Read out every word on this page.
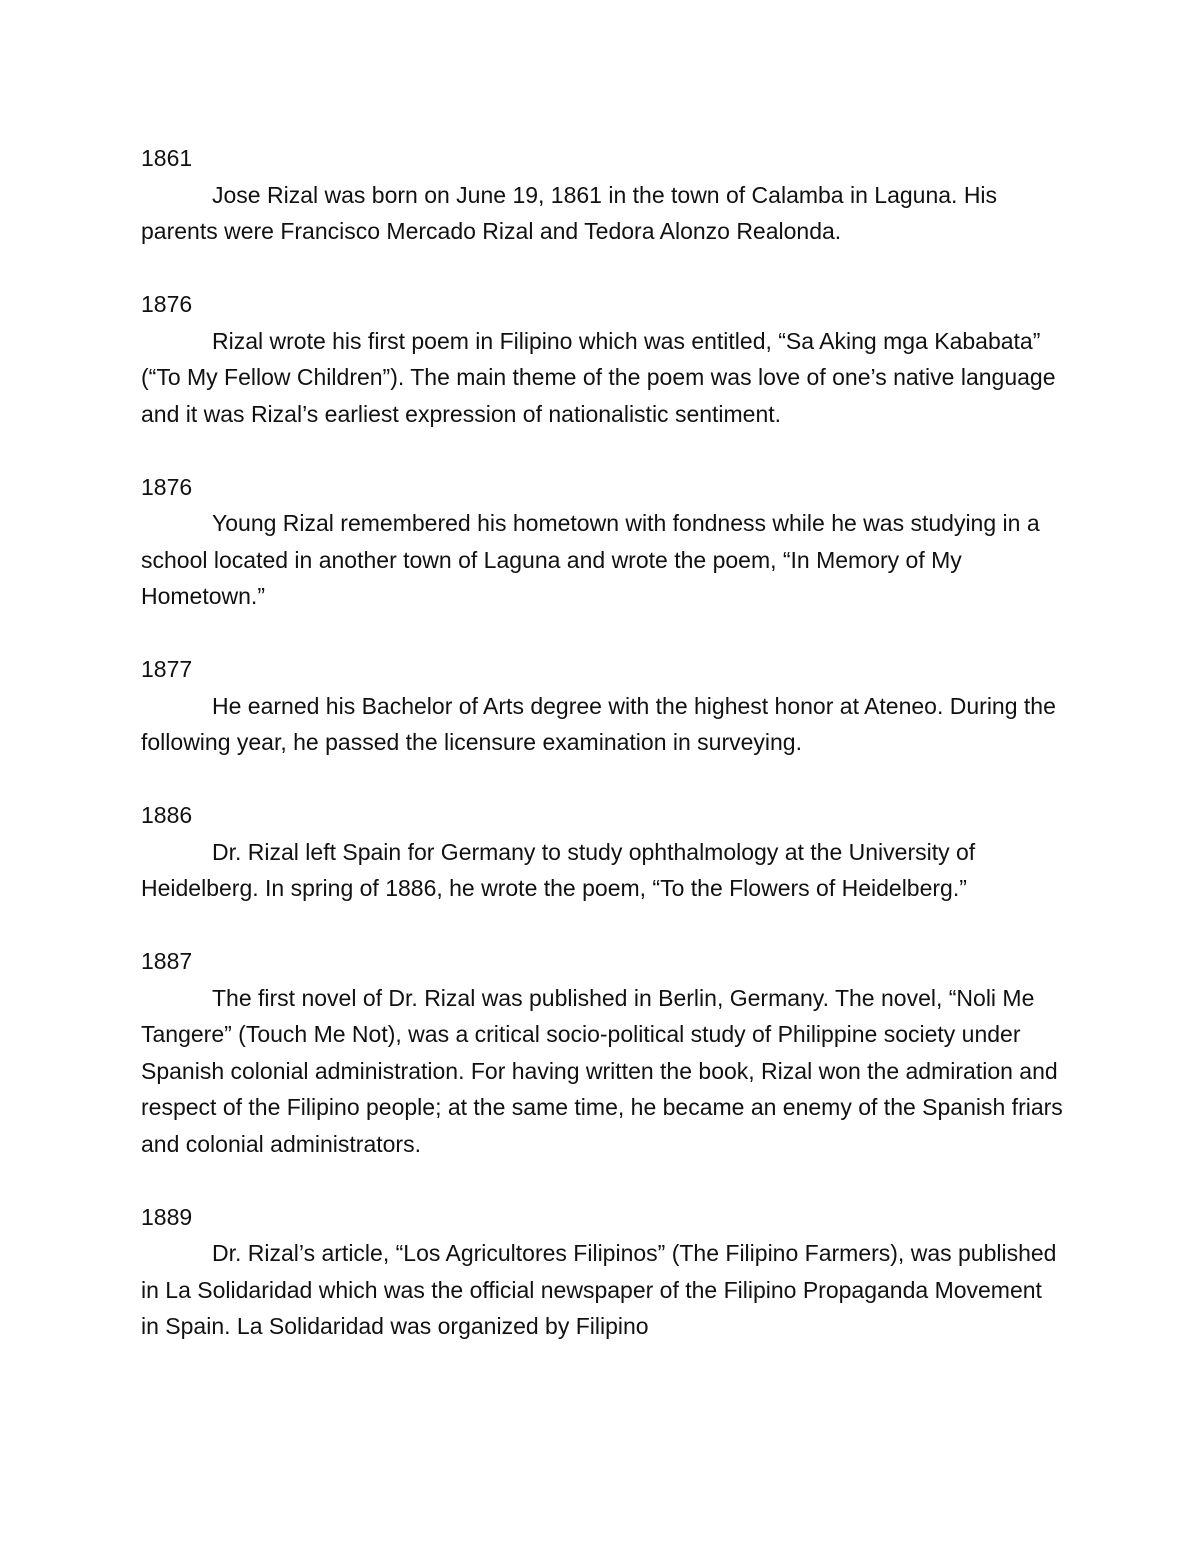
1861
Jose Rizal was born on June 19, 1861 in the town of Calamba in Laguna. His parents were Francisco Mercado Rizal and Tedora Alonzo Realonda.
1876
Rizal wrote his first poem in Filipino which was entitled, “Sa Aking mga Kababata” (“To My Fellow Children”). The main theme of the poem was love of one’s native language and it was Rizal’s earliest expression of nationalistic sentiment.
1876
Young Rizal remembered his hometown with fondness while he was studying in a school located in another town of Laguna and wrote the poem, “In Memory of My Hometown.”
1877
He earned his Bachelor of Arts degree with the highest honor at Ateneo. During the following year, he passed the licensure examination in surveying.
1886
Dr. Rizal left Spain for Germany to study ophthalmology at the University of Heidelberg. In spring of 1886, he wrote the poem, “To the Flowers of Heidelberg.”
1887
The first novel of Dr. Rizal was published in Berlin, Germany. The novel, “Noli Me Tangere” (Touch Me Not), was a critical socio-political study of Philippine society under Spanish colonial administration. For having written the book, Rizal won the admiration and respect of the Filipino people; at the same time, he became an enemy of the Spanish friars and colonial administrators.
1889
Dr. Rizal’s article, “Los Agricultores Filipinos” (The Filipino Farmers), was published in La Solidaridad which was the official newspaper of the Filipino Propaganda Movement in Spain. La Solidaridad was organized by Filipino
